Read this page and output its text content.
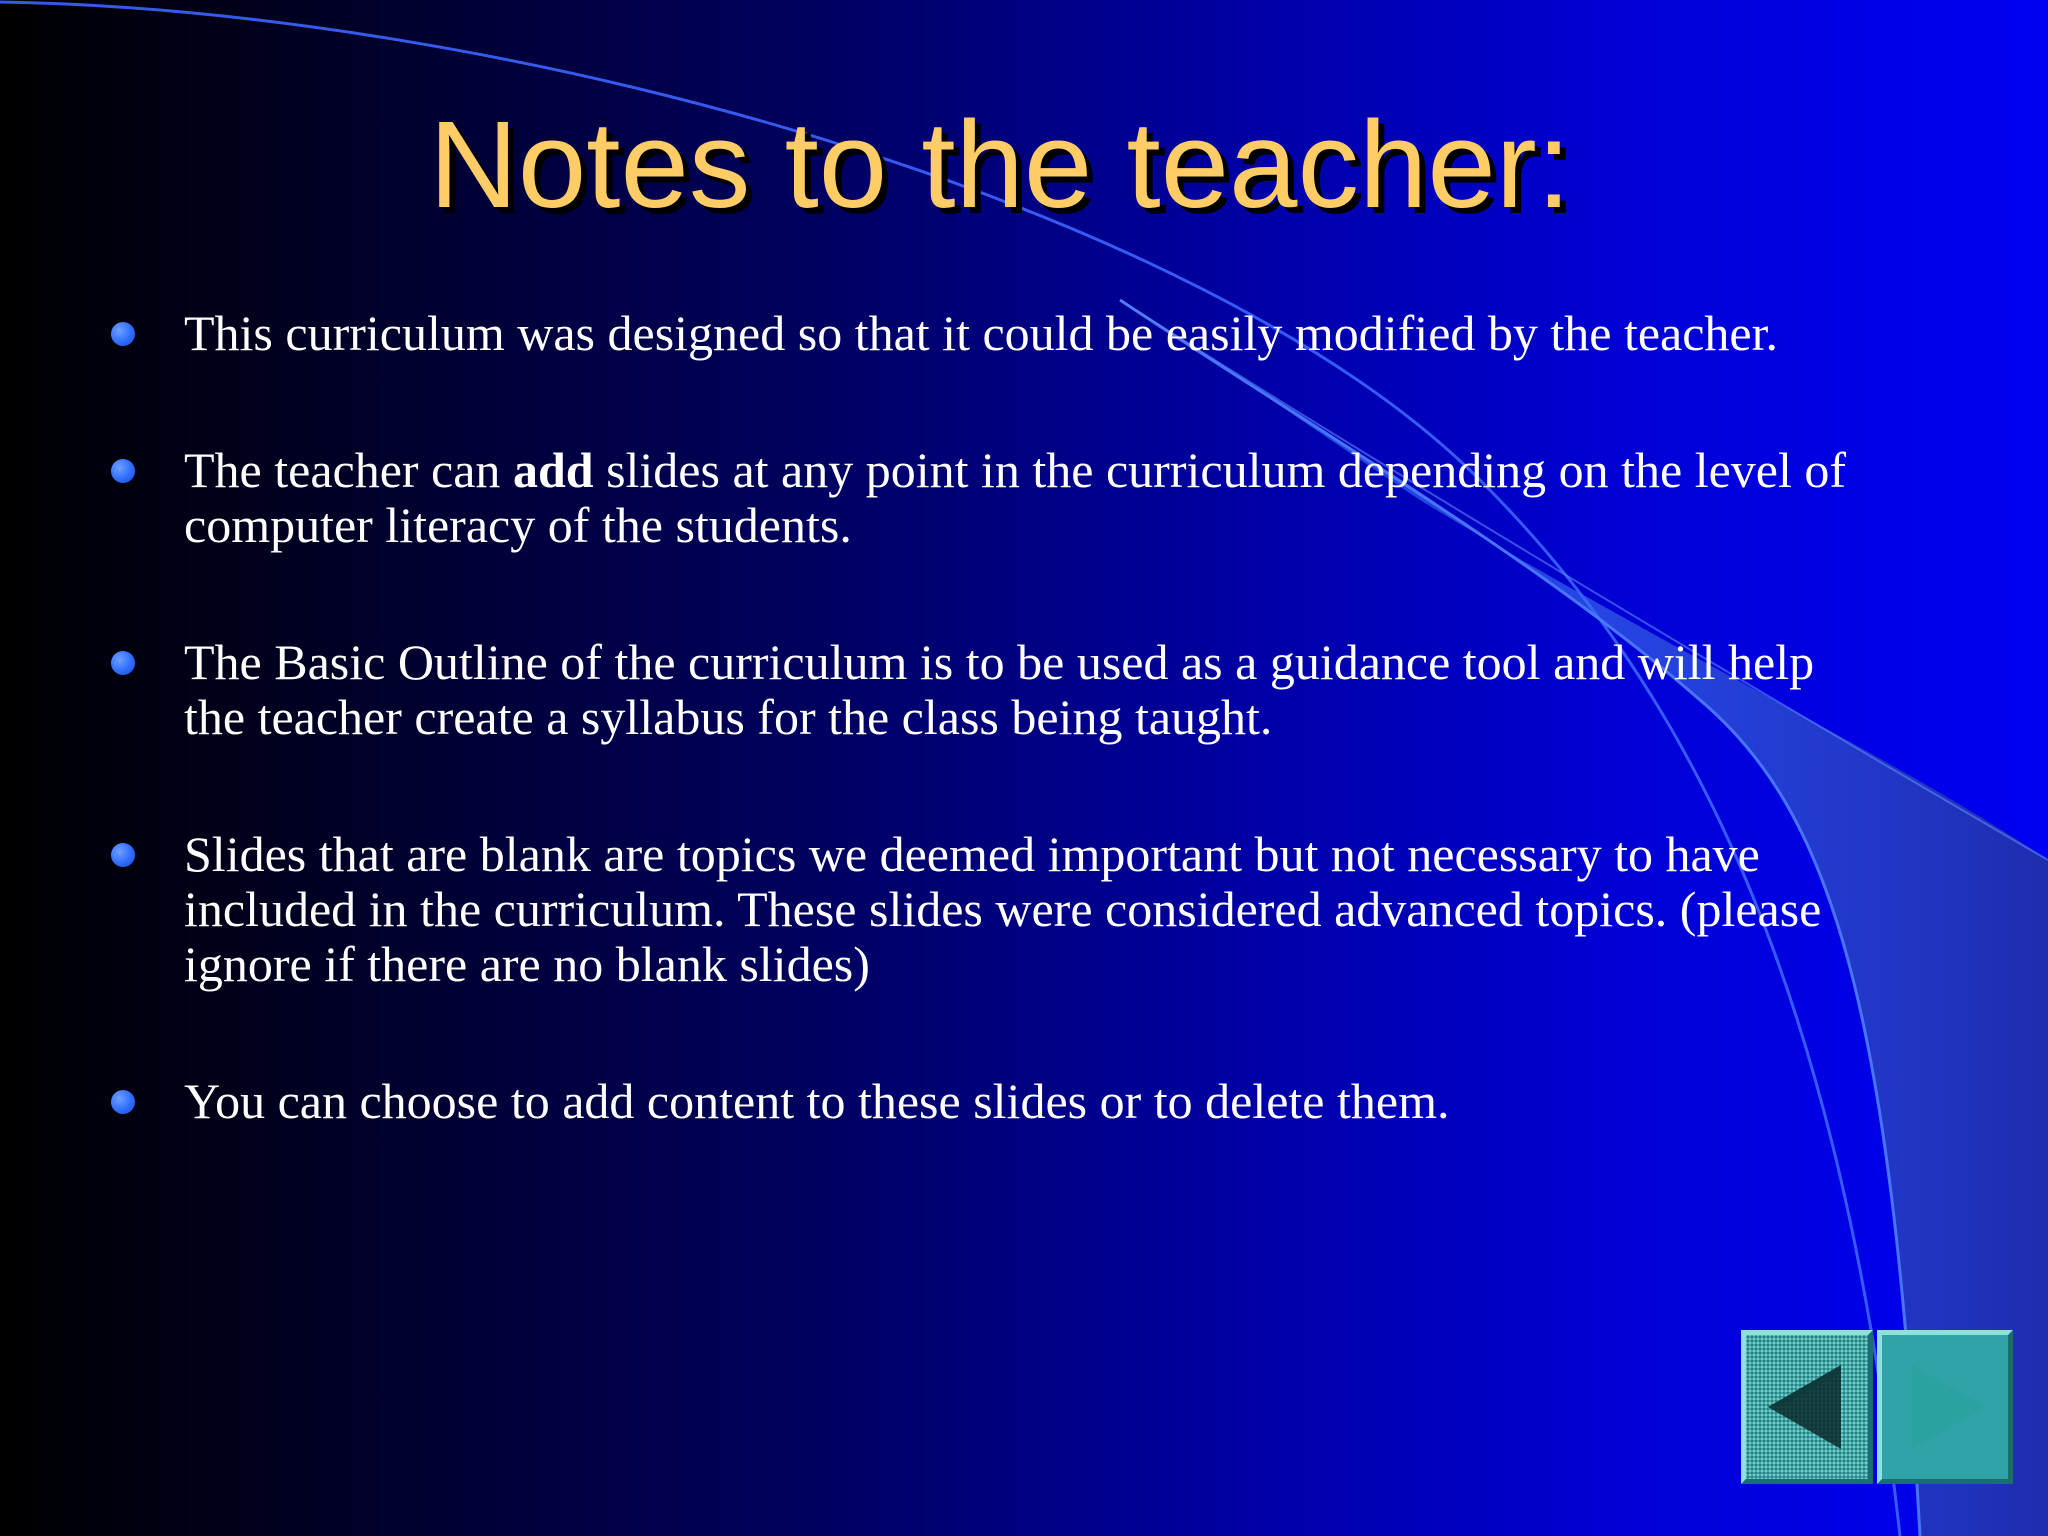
Notes to the teacher:
This curriculum was designed so that it could be easily modified by the teacher.
The teacher can add slides at any point in the curriculum depending on the level of computer literacy of the students.
The Basic Outline of the curriculum is to be used as a guidance tool and will help the teacher create a syllabus for the class being taught.
Slides that are blank are topics we deemed important but not necessary to have included in the curriculum. These slides were considered advanced topics. (please ignore if there are no blank slides)
You can choose to add content to these slides or to delete them.
